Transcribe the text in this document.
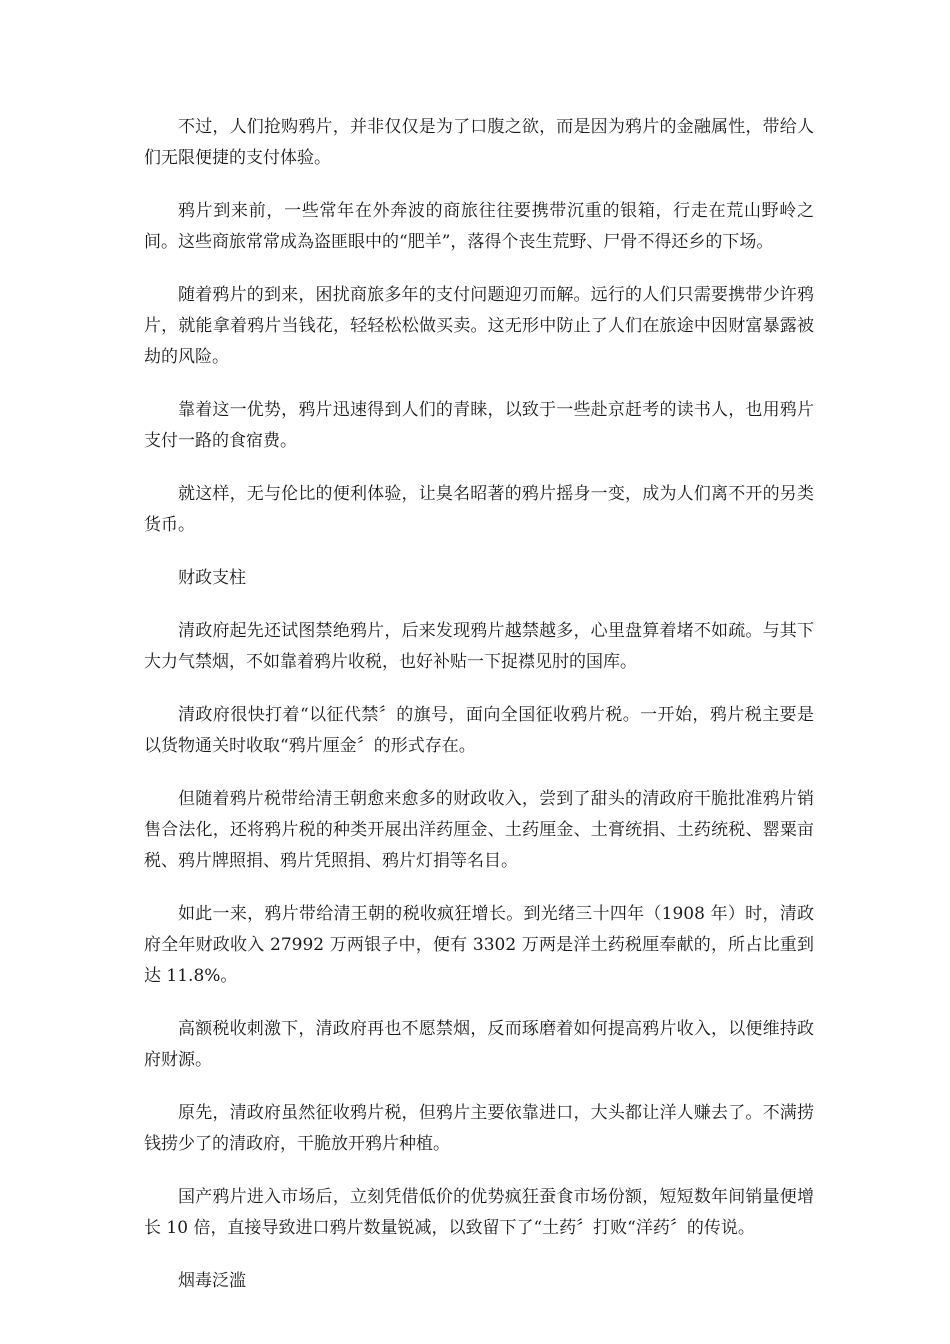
不过，人们抢购鸦片，并非仅仅是为了口腹之欲，而是因为鸦片的金融属性，带给人们无限便捷的支付体验。

鸦片到来前，一些常年在外奔波的商旅往往要携带沉重的银箱，行走在荒山野岭之间。这些商旅常常成為盗匪眼中的“肥羊”，落得个丧生荒野、尸骨不得还乡的下场。

随着鸦片的到来，困扰商旅多年的支付问题迎刃而解。远行的人们只需要携带少许鸦片，就能拿着鸦片当钱花，轻轻松松做买卖。这无形中防止了人们在旅途中因财富暴露被劫的风险。

靠着这一优势，鸦片迅速得到人们的青睐，以致于一些赴京赶考的读书人，也用鸦片支付一路的食宿费。

就这样，无与伦比的便利体验，让臭名昭著的鸦片摇身一变，成为人们离不开的另类货币。

财政支柱

清政府起先还试图禁绝鸦片，后来发现鸦片越禁越多，心里盘算着堵不如疏。与其下大力气禁烟，不如靠着鸦片收税，也好补贴一下捉襟见肘的国库。

清政府很快打着“以征代禁〞的旗号，面向全国征收鸦片税。一开始，鸦片税主要是以货物通关时收取“鸦片厘金〞的形式存在。

但随着鸦片税带给清王朝愈来愈多的财政收入，尝到了甜头的清政府干脆批准鸦片销售合法化，还将鸦片税的种类开展出洋药厘金、土药厘金、土膏统捐、土药统税、罂粟亩税、鸦片牌照捐、鸦片凭照捐、鸦片灯捐等名目。

如此一来，鸦片带给清王朝的税收疯狂增长。到光绪三十四年（1908 年）时，清政府全年财政收入 27992 万两银子中，便有 3302 万两是洋土药税厘奉献的，所占比重到达 11.8%。

高额税收刺激下，清政府再也不愿禁烟，反而琢磨着如何提高鸦片收入，以便维持政府财源。

原先，清政府虽然征收鸦片税，但鸦片主要依靠进口，大头都让洋人赚去了。不满捞钱捞少了的清政府，干脆放开鸦片种植。

国产鸦片进入市场后，立刻凭借低价的优势疯狂蚕食市场份额，短短数年间销量便增长 10 倍，直接导致进口鸦片数量锐减，以致留下了“土药〞打败“洋药〞的传说。

烟毒泛滥
